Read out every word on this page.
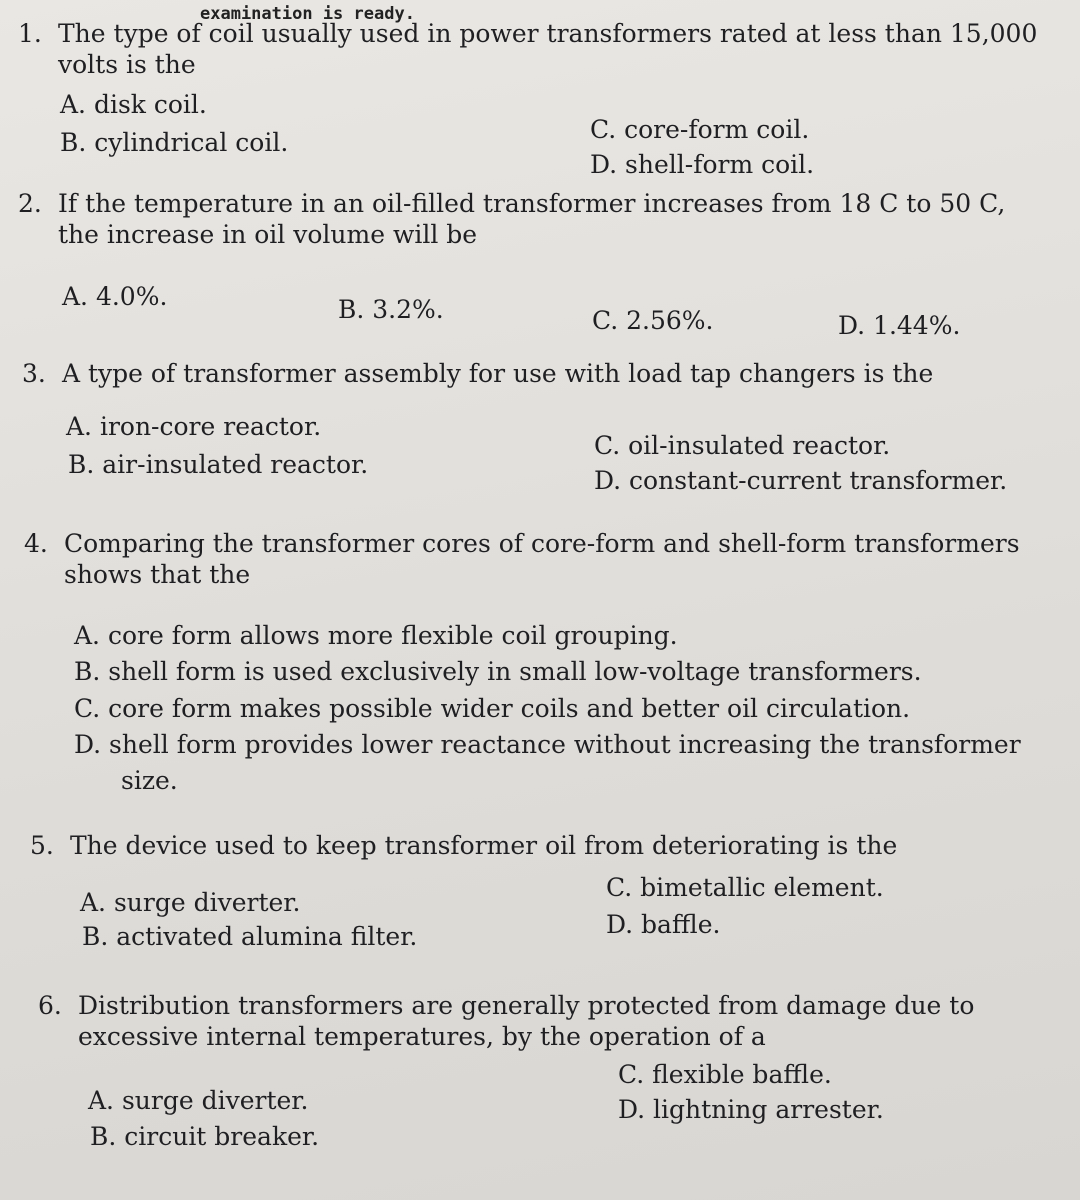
examination is ready.
1. The type of coil usually used in power transformers rated at less than 15,000 volts is the
A. disk coil.
B. cylindrical coil.	C. core-form coil.
D. shell-form coil.
2. If the temperature in an oil-filled transformer increases from 18 C to 50 C, the increase in oil volume will be
A. 4.0%.	B. 3.2%.	C. 2.56%.	D. 1.44%.
3. A type of transformer assembly for use with load tap changers is the
A. iron-core reactor.
B. air-insulated reactor.
C. oil-insulated reactor.
D. constant-current transformer.
4. Comparing the transformer cores of core-form and shell-form transformers shows that the
A. core form allows more flexible coil grouping.
B. shell form is used exclusively in small low-voltage transformers.
C. core form makes possible wider coils and better oil circulation.
D. shell form provides lower reactance without increasing the transformer
size.
5. The device used to keep transformer oil from deteriorating is the
A. surge diverter.
B. activated alumina filter.
C. bimetallic element.
D. baffle.
6. Distribution transformers are generally protected from damage due to excessive internal temperatures, by the operation of a
A. surge diverter.
B. circuit breaker.
C. flexible baffle.
D. lightning arrester.
